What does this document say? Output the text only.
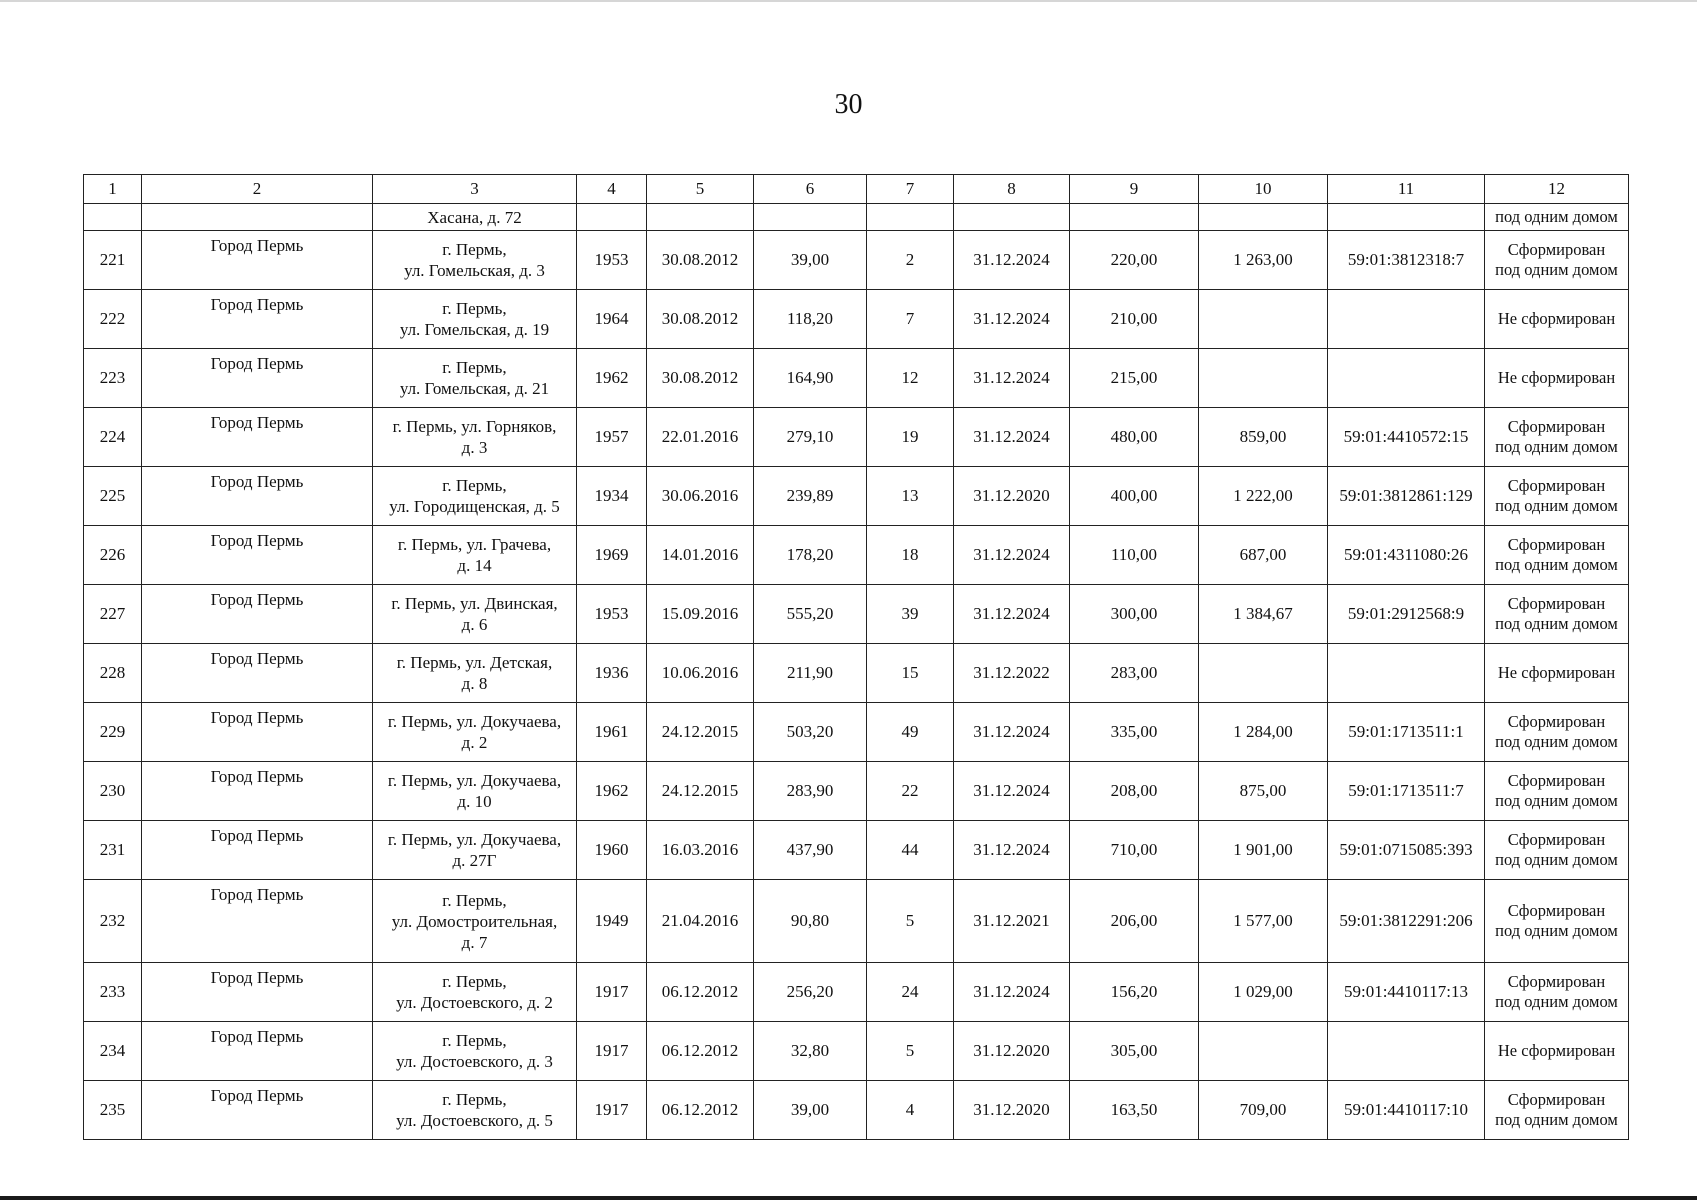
30
1	2	3	4	5	6	7	8	9	10	11	12
		Хасана, д. 72									под одним домом
221	Город Пермь	г. Пермь,
ул. Гомельская, д. 3	1953	30.08.2012	39,00	2	31.12.2024	220,00	1 263,00	59:01:3812318:7	Сформирован
под одним домом

222	Город Пермь	г. Пермь,
ул. Гомельская, д. 19	1964	30.08.2012	118,20	7	31.12.2024	210,00			Не сформирован

223	Город Пермь	г. Пермь,
ул. Гомельская, д. 21	1962	30.08.2012	164,90	12	31.12.2024	215,00			Не сформирован

224	Город Пермь	г. Пермь, ул. Горняков,
д. 3	1957	22.01.2016	279,10	19	31.12.2024	480,00	859,00	59:01:4410572:15	Сформирован
под одним домом

225	Город Пермь	г. Пермь,
ул. Городищенская, д. 5	1934	30.06.2016	239,89	13	31.12.2020	400,00	1 222,00	59:01:3812861:129	Сформирован
под одним домом

226	Город Пермь	г. Пермь, ул. Грачева,
д. 14	1969	14.01.2016	178,20	18	31.12.2024	110,00	687,00	59:01:4311080:26	Сформирован
под одним домом

227	Город Пермь	г. Пермь, ул. Двинская,
д. 6	1953	15.09.2016	555,20	39	31.12.2024	300,00	1 384,67	59:01:2912568:9	Сформирован
под одним домом

228	Город Пермь	г. Пермь, ул. Детская,
д. 8	1936	10.06.2016	211,90	15	31.12.2022	283,00			Не сформирован

229	Город Пермь	г. Пермь, ул. Докучаева,
д. 2	1961	24.12.2015	503,20	49	31.12.2024	335,00	1 284,00	59:01:1713511:1	Сформирован
под одним домом

230	Город Пермь	г. Пермь, ул. Докучаева,
д. 10	1962	24.12.2015	283,90	22	31.12.2024	208,00	875,00	59:01:1713511:7	Сформирован
под одним домом

231	Город Пермь	г. Пермь, ул. Докучаева,
д. 27Г	1960	16.03.2016	437,90	44	31.12.2024	710,00	1 901,00	59:01:0715085:393	Сформирован
под одним домом

232	Город Пермь	г. Пермь,
ул. Домостроительная,
д. 7	1949	21.04.2016	90,80	5	31.12.2021	206,00	1 577,00	59:01:3812291:206	Сформирован
под одним домом

233	Город Пермь	г. Пермь,
ул. Достоевского, д. 2	1917	06.12.2012	256,20	24	31.12.2024	156,20	1 029,00	59:01:4410117:13	Сформирован
под одним домом

234	Город Пермь	г. Пермь,
ул. Достоевского, д. 3	1917	06.12.2012	32,80	5	31.12.2020	305,00			Не сформирован

235	Город Пермь	г. Пермь,
ул. Достоевского, д. 5	1917	06.12.2012	39,00	4	31.12.2020	163,50	709,00	59:01:4410117:10	Сформирован
под одним домом
